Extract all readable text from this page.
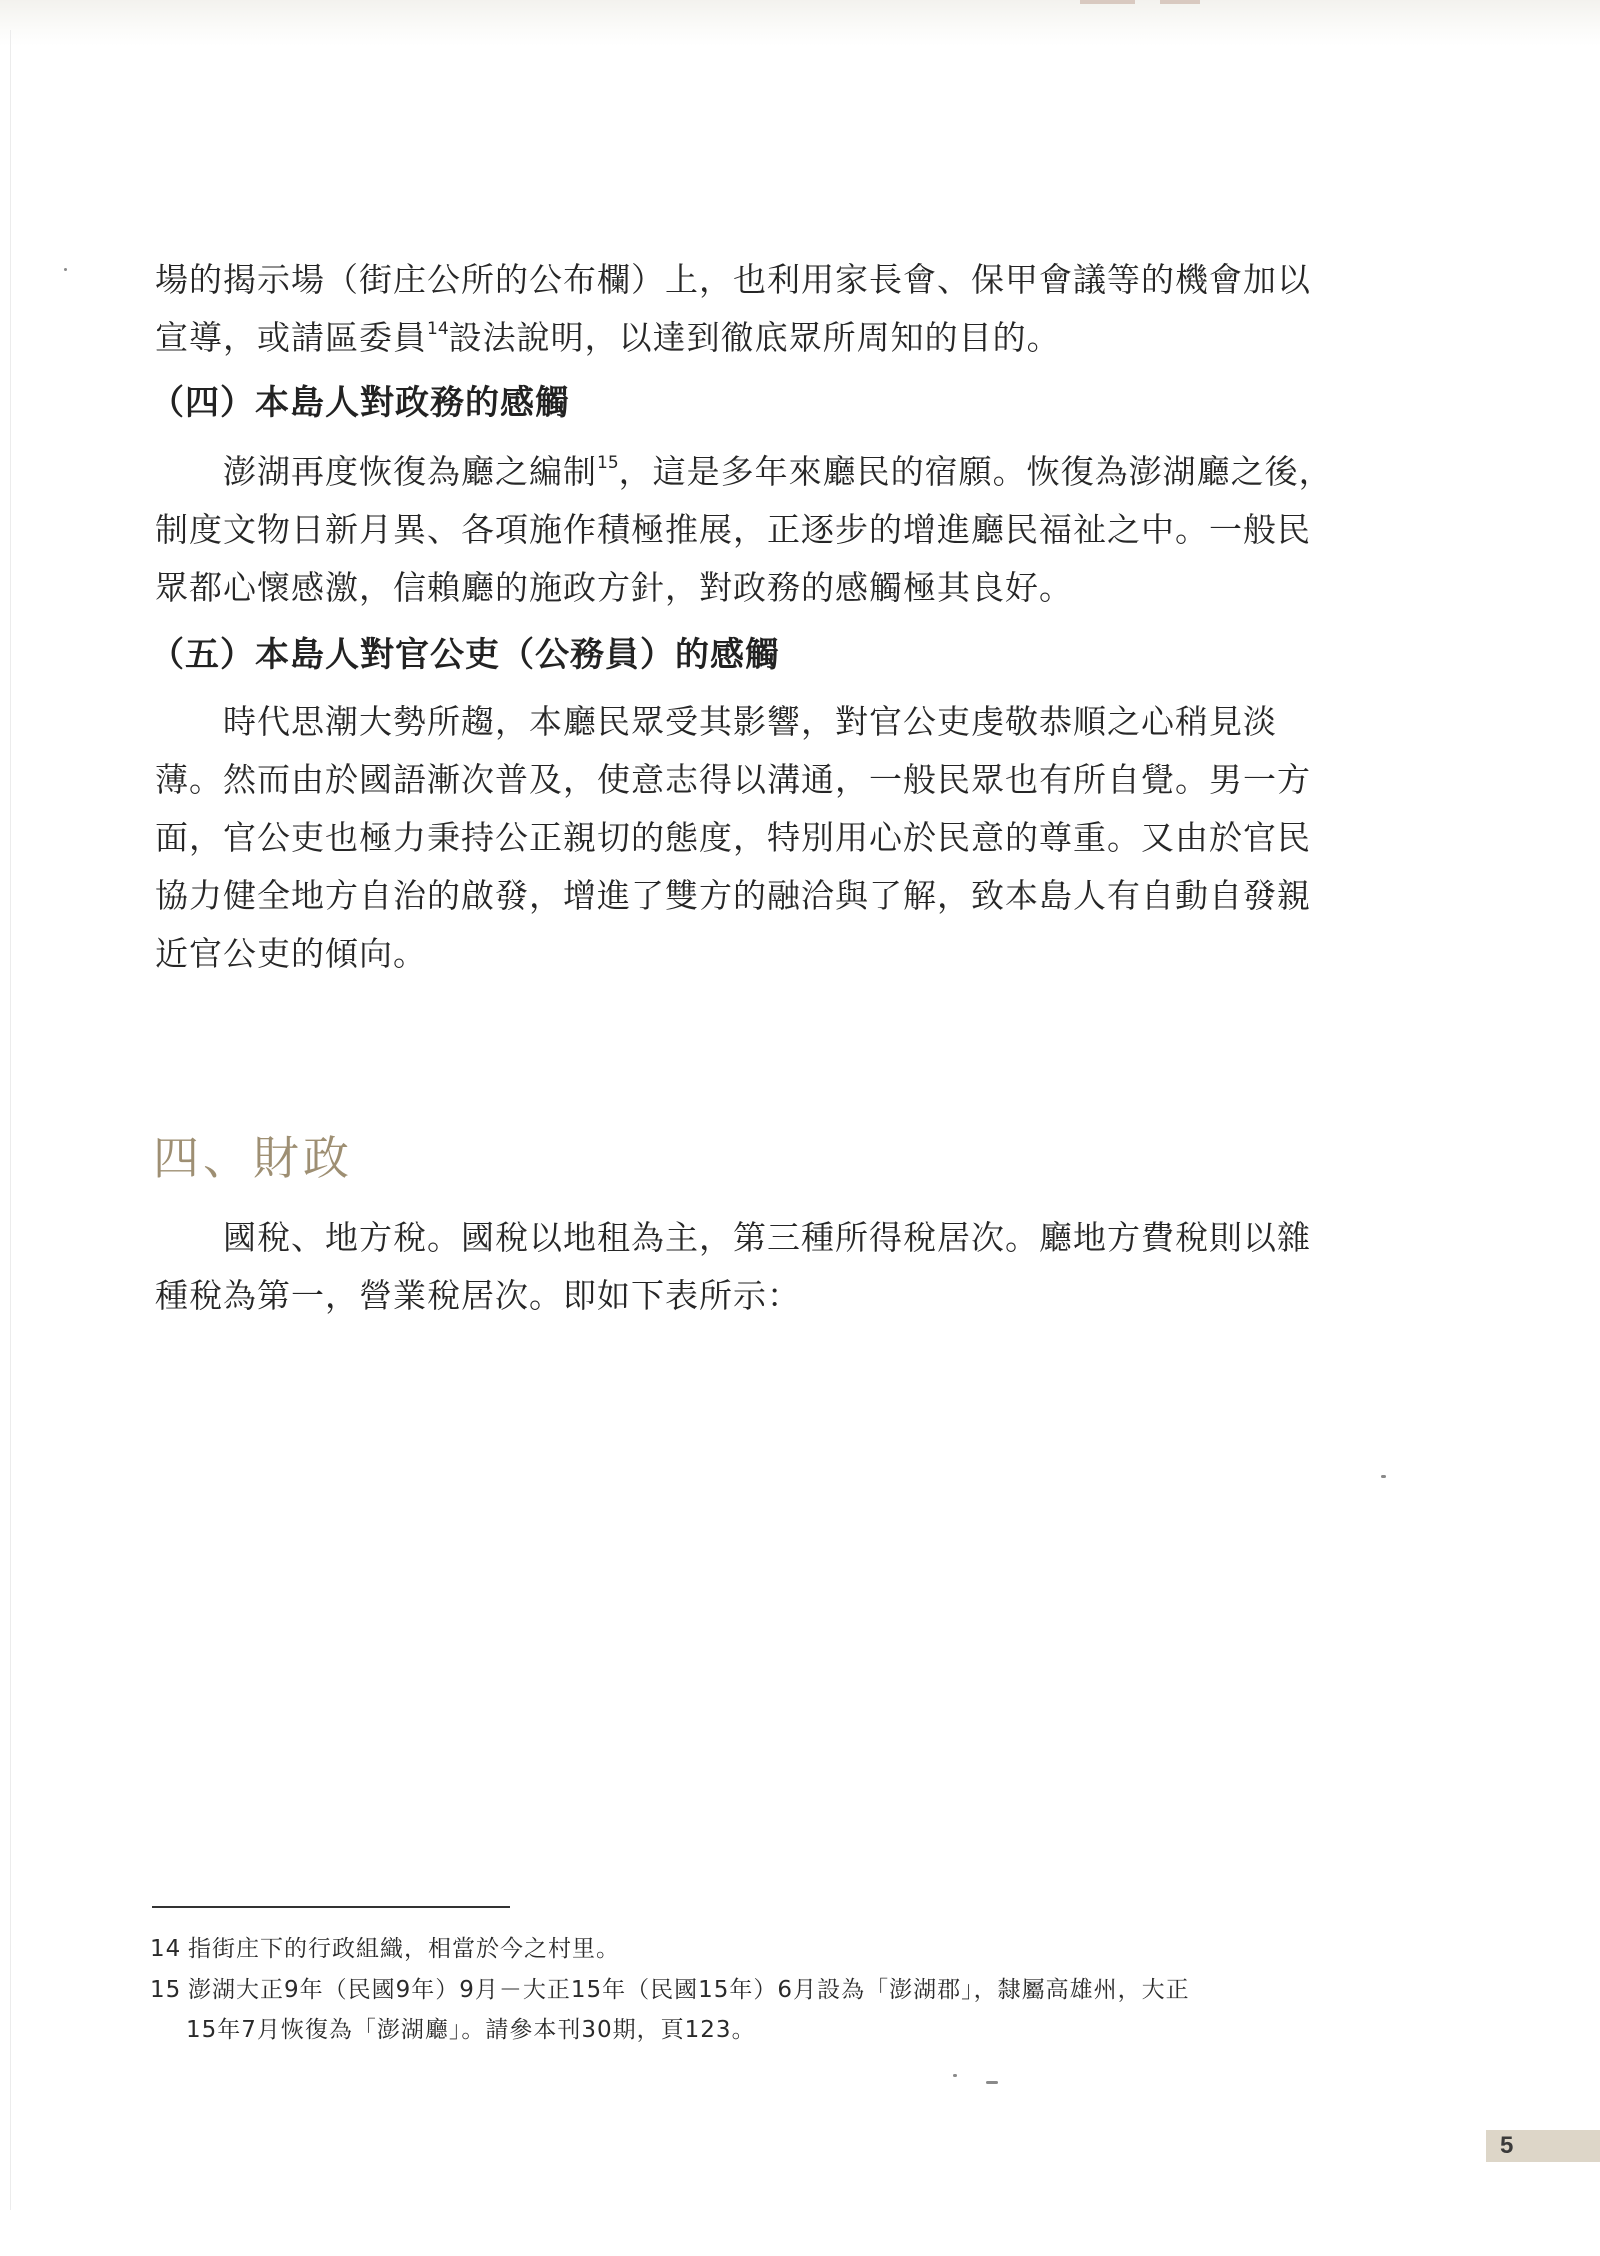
場的揭示場（街庄公所的公布欄）上，也利用家長會、保甲會議等的機會加以
宣導，或請區委員$^{14}$設法說明，以達到徹底眾所周知的目的。

（四）本島人對政務的感觸

澎湖再度恢復為廳之編制$^{15}$，這是多年來廳民的宿願。恢復為澎湖廳之後，
制度文物日新月異、各項施作積極推展，正逐步的增進廳民福祉之中。一般民
眾都心懷感激，信賴廳的施政方針，對政務的感觸極其良好。

（五）本島人對官公吏（公務員）的感觸

時代思潮大勢所趨，本廳民眾受其影響，對官公吏虔敬恭順之心稍見淡
薄。然而由於國語漸次普及，使意志得以溝通，一般民眾也有所自覺。男一方
面，官公吏也極力秉持公正親切的態度，特別用心於民意的尊重。又由於官民
協力健全地方自治的啟發，增進了雙方的融洽與了解，致本島人有自動自發親
近官公吏的傾向。

四、財政

國稅、地方稅。國稅以地租為主，第三種所得稅居次。廳地方費稅則以雜
種稅為第一，營業稅居次。即如下表所示：

14 指街庄下的行政組織，相當於今之村里。

15 澎湖大正9年（民國9年）9月－大正15年（民國15年）6月設為「澎湖郡」，隸屬高雄州，大正
15年7月恢復為「澎湖廳」。請參本刊30期，頁123。

5
